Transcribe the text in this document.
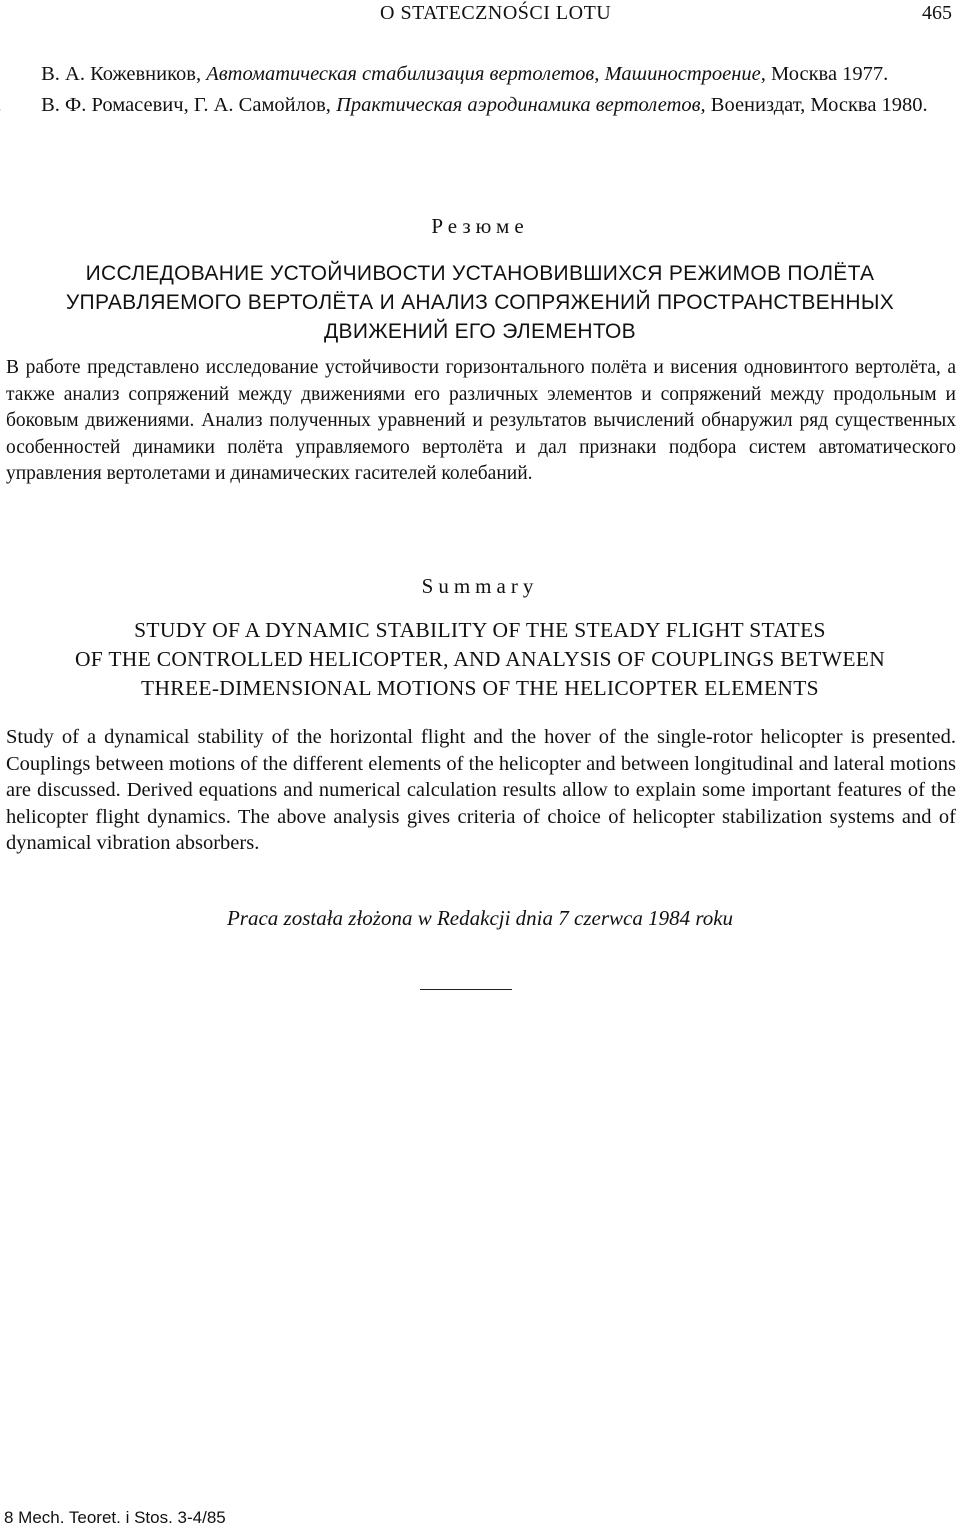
O STATECZNOŚCI LOTU	465

В. А. Кожевников, Автоматическая стабилизация вертолетов, Машиностроение, Москва 1977.

В. Ф. Ромасевич, Г. А. Самойлов, Практическая аэродинамика вертолетов, Воениздат, Москва 1980.

Резюме
ИССЛЕДОВАНИЕ УСТОЙЧИВОСТИ УСТАНОВИВШИХСЯ РЕЖИМОВ ПОЛЁТА
УПРАВЛЯЕМОГО ВЕРТОЛЁТА И АНАЛИЗ СОПРЯЖЕНИЙ ПРОСТРАНСТВЕННЫХ
ДВИЖЕНИЙ ЕГО ЭЛЕМЕНТОВ

В работе представлено исследование устойчивости горизонтального полёта и висения одновинтого вертолёта, а также анализ сопряжений между движениями его различных элементов и сопряжений между продольным и боковым движениями. Анализ полученных уравнений и результатов вычислений обнаружил ряд существенных особенностей динамики полёта управляемого вертолёта и дал признаки подбора систем автоматического управления вертолетами и динамических гасителей колебаний.

Summary
STUDY OF A DYNAMIC STABILITY OF THE STEADY FLIGHT STATES
OF THE CONTROLLED HELICOPTER, AND ANALYSIS OF COUPLINGS BETWEEN
THREE-DIMENSIONAL MOTIONS OF THE HELICOPTER ELEMENTS

Study of a dynamical stability of the horizontal flight and the hover of the single-rotor helicopter is presented. Couplings between motions of the different elements of the helicopter and between longitudinal and lateral motions are discussed. Derived equations and numerical calculation results allow to explain some important features of the helicopter flight dynamics. The above analysis gives criteria of choice of helicopter stabilization systems and of dynamical vibration absorbers.

Praca została złożona w Redakcji dnia 7 czerwca 1984 roku
8 Mech. Teoret. i Stos. 3-4/85
